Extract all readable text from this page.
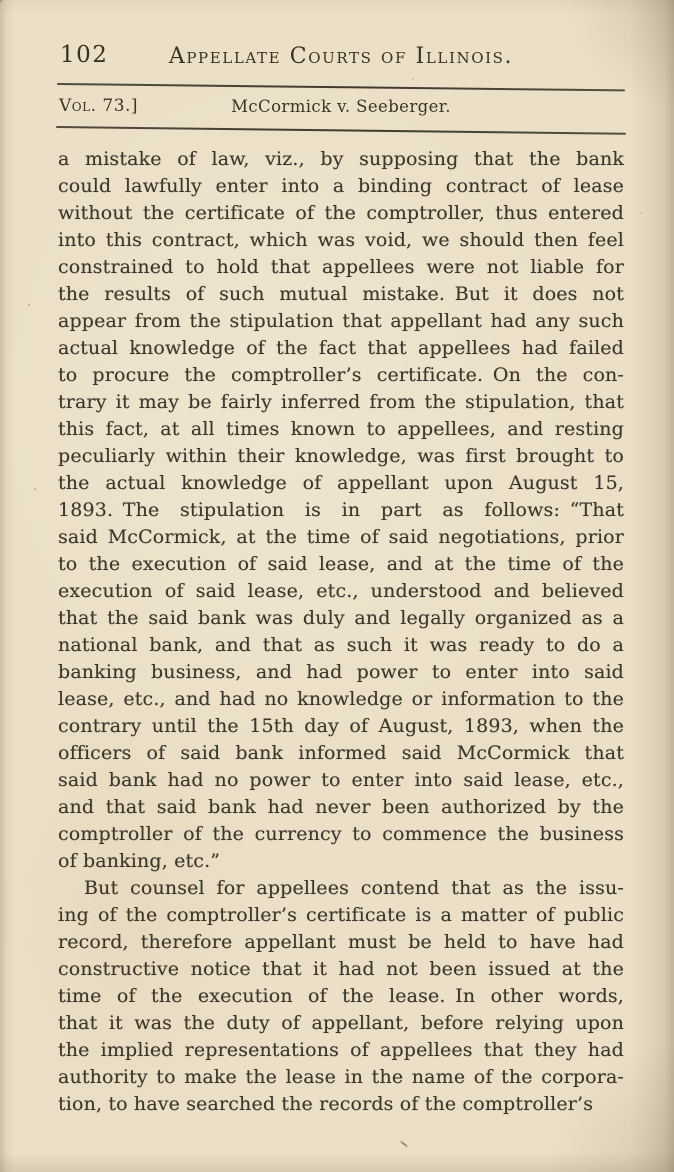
102	Appellate Courts of Illinois.
Vol. 73.]	McCormick v. Seeberger.
a mistake of law, viz., by supposing that the bank
could lawfully enter into a binding contract of lease
without the certificate of the comptroller, thus entered
into this contract, which was void, we should then feel
constrained to hold that appellees were not liable for
the results of such mutual mistake. But it does not
appear from the stipulation that appellant had any such
actual knowledge of the fact that appellees had failed
to procure the comptroller’s certificate. On the con-
trary it may be fairly inferred from the stipulation, that
this fact, at all times known to appellees, and resting
peculiarly within their knowledge, was first brought to
the actual knowledge of appellant upon August 15,
1893. The stipulation is in part as follows: “That
said McCormick, at the time of said negotiations, prior
to the execution of said lease, and at the time of the
execution of said lease, etc., understood and believed
that the said bank was duly and legally organized as a
national bank, and that as such it was ready to do a
banking business, and had power to enter into said
lease, etc., and had no knowledge or information to the
contrary until the 15th day of August, 1893, when the
officers of said bank informed said McCormick that
said bank had no power to enter into said lease, etc.,
and that said bank had never been authorized by the
comptroller of the currency to commence the business
of banking, etc.”
But counsel for appellees contend that as the issu-
ing of the comptroller’s certificate is a matter of public
record, therefore appellant must be held to have had
constructive notice that it had not been issued at the
time of the execution of the lease. In other words,
that it was the duty of appellant, before relying upon
the implied representations of appellees that they had
authority to make the lease in the name of the corpora-
tion, to have searched the records of the comptroller’s
